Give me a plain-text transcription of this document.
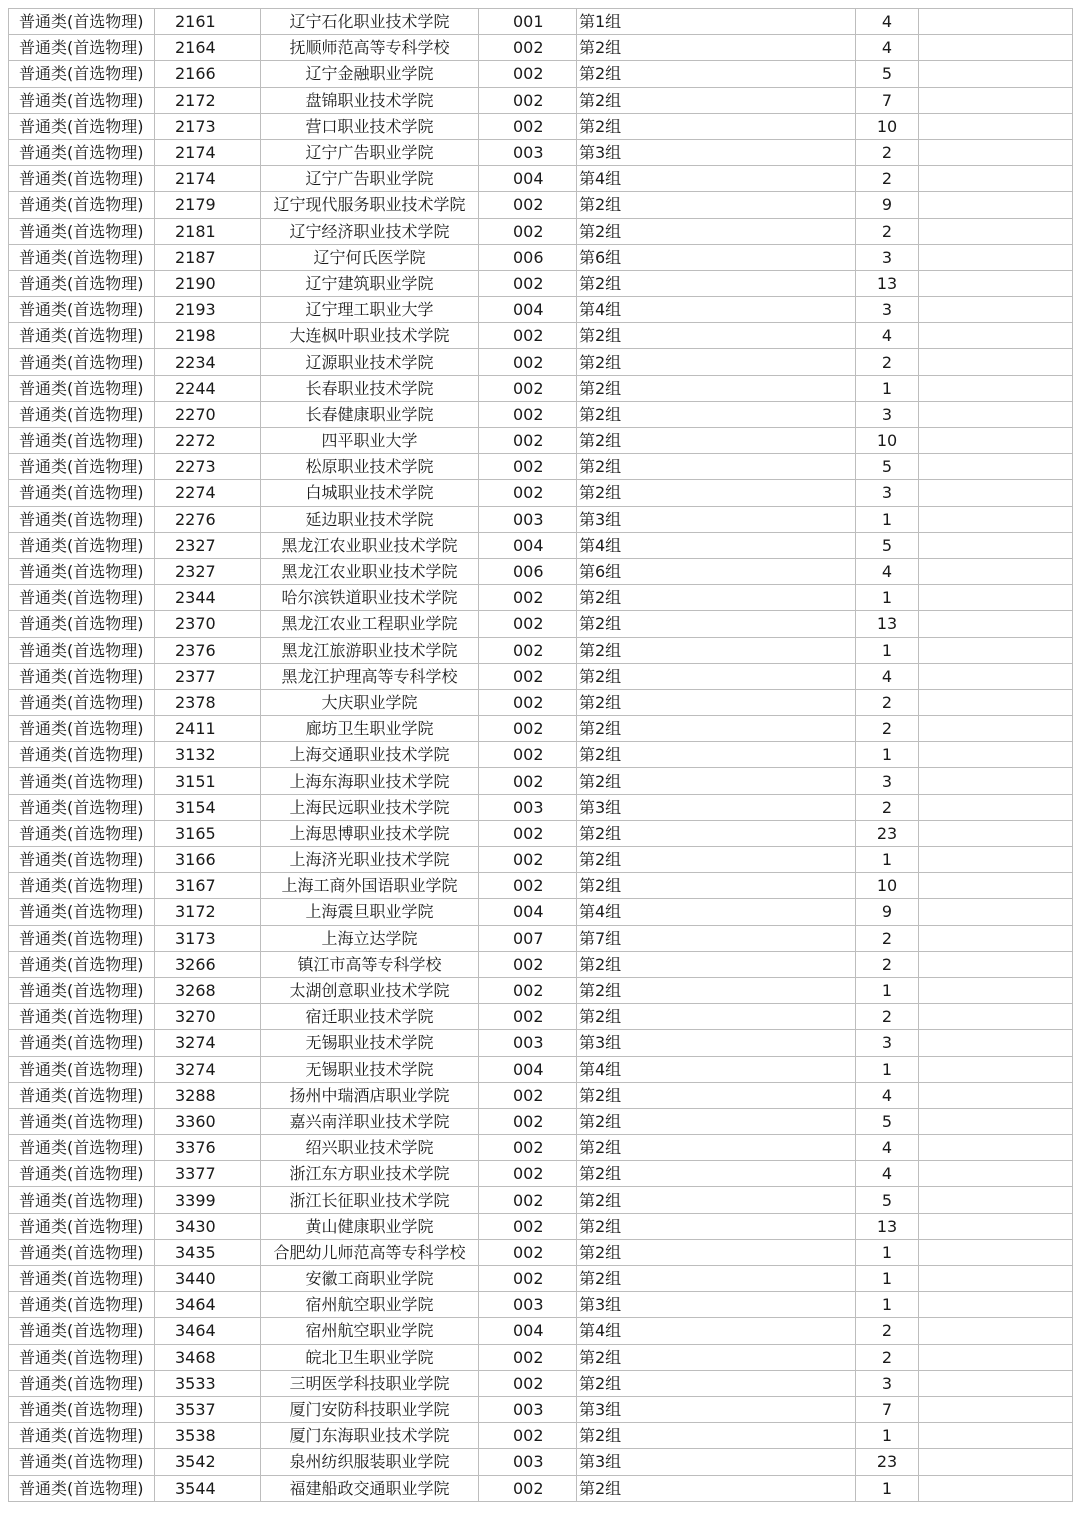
普通类(首选物理)	2161	辽宁石化职业技术学院	001	第1组	4	
普通类(首选物理)	2164	抚顺师范高等专科学校	002	第2组	4	
普通类(首选物理)	2166	辽宁金融职业学院	002	第2组	5	
普通类(首选物理)	2172	盘锦职业技术学院	002	第2组	7	
普通类(首选物理)	2173	营口职业技术学院	002	第2组	10	
普通类(首选物理)	2174	辽宁广告职业学院	003	第3组	2	
普通类(首选物理)	2174	辽宁广告职业学院	004	第4组	2	
普通类(首选物理)	2179	辽宁现代服务职业技术学院	002	第2组	9	
普通类(首选物理)	2181	辽宁经济职业技术学院	002	第2组	2	
普通类(首选物理)	2187	辽宁何氏医学院	006	第6组	3	
普通类(首选物理)	2190	辽宁建筑职业学院	002	第2组	13	
普通类(首选物理)	2193	辽宁理工职业大学	004	第4组	3	
普通类(首选物理)	2198	大连枫叶职业技术学院	002	第2组	4	
普通类(首选物理)	2234	辽源职业技术学院	002	第2组	2	
普通类(首选物理)	2244	长春职业技术学院	002	第2组	1	
普通类(首选物理)	2270	长春健康职业学院	002	第2组	3	
普通类(首选物理)	2272	四平职业大学	002	第2组	10	
普通类(首选物理)	2273	松原职业技术学院	002	第2组	5	
普通类(首选物理)	2274	白城职业技术学院	002	第2组	3	
普通类(首选物理)	2276	延边职业技术学院	003	第3组	1	
普通类(首选物理)	2327	黑龙江农业职业技术学院	004	第4组	5	
普通类(首选物理)	2327	黑龙江农业职业技术学院	006	第6组	4	
普通类(首选物理)	2344	哈尔滨铁道职业技术学院	002	第2组	1	
普通类(首选物理)	2370	黑龙江农业工程职业学院	002	第2组	13	
普通类(首选物理)	2376	黑龙江旅游职业技术学院	002	第2组	1	
普通类(首选物理)	2377	黑龙江护理高等专科学校	002	第2组	4	
普通类(首选物理)	2378	大庆职业学院	002	第2组	2	
普通类(首选物理)	2411	廊坊卫生职业学院	002	第2组	2	
普通类(首选物理)	3132	上海交通职业技术学院	002	第2组	1	
普通类(首选物理)	3151	上海东海职业技术学院	002	第2组	3	
普通类(首选物理)	3154	上海民远职业技术学院	003	第3组	2	
普通类(首选物理)	3165	上海思博职业技术学院	002	第2组	23	
普通类(首选物理)	3166	上海济光职业技术学院	002	第2组	1	
普通类(首选物理)	3167	上海工商外国语职业学院	002	第2组	10	
普通类(首选物理)	3172	上海震旦职业学院	004	第4组	9	
普通类(首选物理)	3173	上海立达学院	007	第7组	2	
普通类(首选物理)	3266	镇江市高等专科学校	002	第2组	2	
普通类(首选物理)	3268	太湖创意职业技术学院	002	第2组	1	
普通类(首选物理)	3270	宿迁职业技术学院	002	第2组	2	
普通类(首选物理)	3274	无锡职业技术学院	003	第3组	3	
普通类(首选物理)	3274	无锡职业技术学院	004	第4组	1	
普通类(首选物理)	3288	扬州中瑞酒店职业学院	002	第2组	4	
普通类(首选物理)	3360	嘉兴南洋职业技术学院	002	第2组	5	
普通类(首选物理)	3376	绍兴职业技术学院	002	第2组	4	
普通类(首选物理)	3377	浙江东方职业技术学院	002	第2组	4	
普通类(首选物理)	3399	浙江长征职业技术学院	002	第2组	5	
普通类(首选物理)	3430	黄山健康职业学院	002	第2组	13	
普通类(首选物理)	3435	合肥幼儿师范高等专科学校	002	第2组	1	
普通类(首选物理)	3440	安徽工商职业学院	002	第2组	1	
普通类(首选物理)	3464	宿州航空职业学院	003	第3组	1	
普通类(首选物理)	3464	宿州航空职业学院	004	第4组	2	
普通类(首选物理)	3468	皖北卫生职业学院	002	第2组	2	
普通类(首选物理)	3533	三明医学科技职业学院	002	第2组	3	
普通类(首选物理)	3537	厦门安防科技职业学院	003	第3组	7	
普通类(首选物理)	3538	厦门东海职业技术学院	002	第2组	1	
普通类(首选物理)	3542	泉州纺织服装职业学院	003	第3组	23	
普通类(首选物理)	3544	福建船政交通职业学院	002	第2组	1	
